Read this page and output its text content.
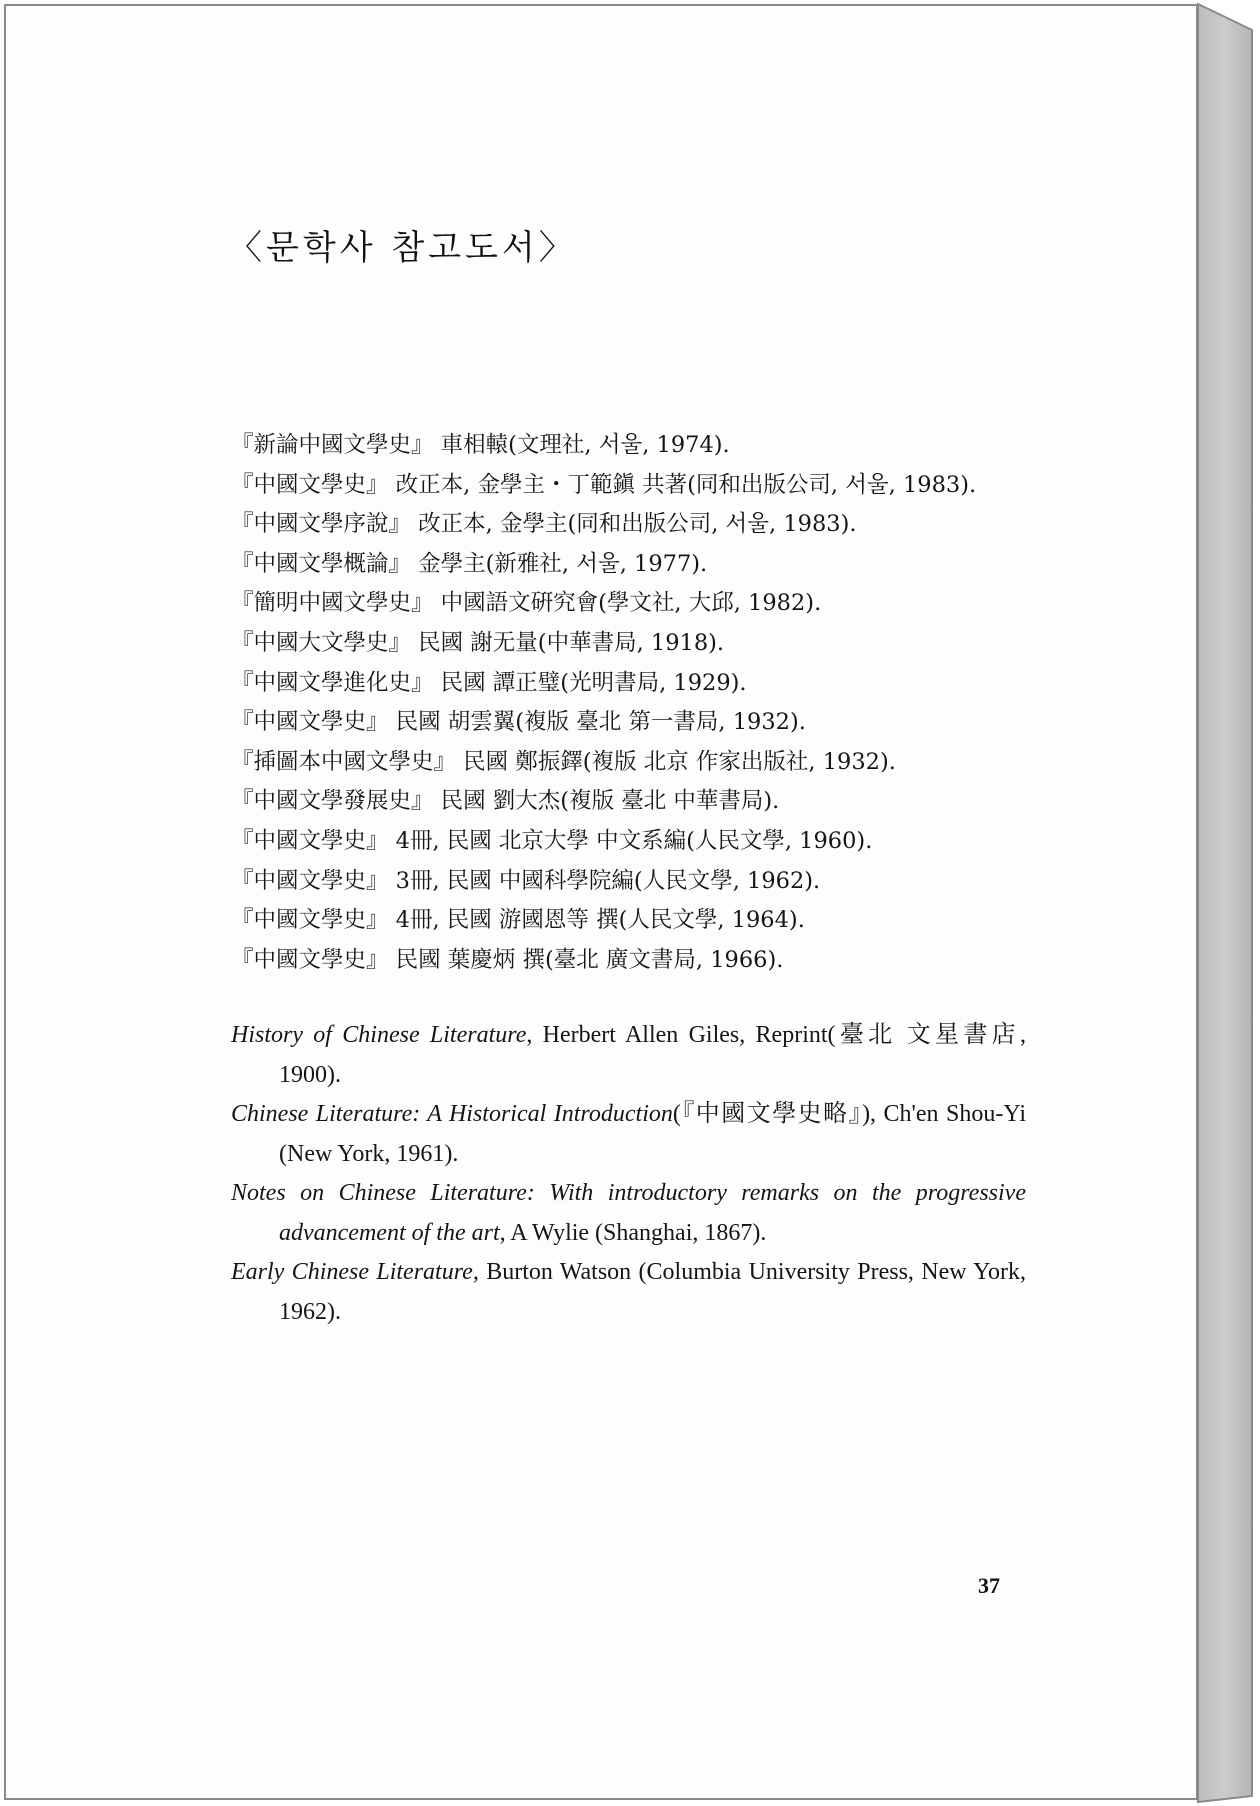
〈문학사 참고도서〉
『新論中國文學史』 車相轅(文理社, 서울, 1974).
『中國文學史』 改正本, 金學主・丁範鎭 共著(同和出版公司, 서울, 1983).
『中國文學序說』 改正本, 金學主(同和出版公司, 서울, 1983).
『中國文學概論』 金學主(新雅社, 서울, 1977).
『簡明中國文學史』 中國語文硏究會(學文社, 大邱, 1982).
『中國大文學史』 民國 謝无量(中華書局, 1918).
『中國文學進化史』 民國 譚正璧(光明書局, 1929).
『中國文學史』 民國 胡雲翼(複版 臺北 第一書局, 1932).
『揷圖本中國文學史』 民國 鄭振鐸(複版 北京 作家出版社, 1932).
『中國文學發展史』 民國 劉大杰(複版 臺北 中華書局).
『中國文學史』 4冊, 民國 北京大學 中文系編(人民文學, 1960).
『中國文學史』 3冊, 民國 中國科學院編(人民文學, 1962).
『中國文學史』 4冊, 民國 游國恩等 撰(人民文學, 1964).
『中國文學史』 民國 葉慶炳 撰(臺北 廣文書局, 1966).
History of Chinese Literature, Herbert Allen Giles, Reprint(臺北 文星書店, 1900).
Chinese Literature: A Historical Introduction(『中國文學史略』), Ch'en Shou-Yi (New York, 1961).
Notes on Chinese Literature: With introductory remarks on the progressive advancement of the art, A Wylie (Shanghai, 1867).
Early Chinese Literature, Burton Watson (Columbia University Press, New York, 1962).
37
